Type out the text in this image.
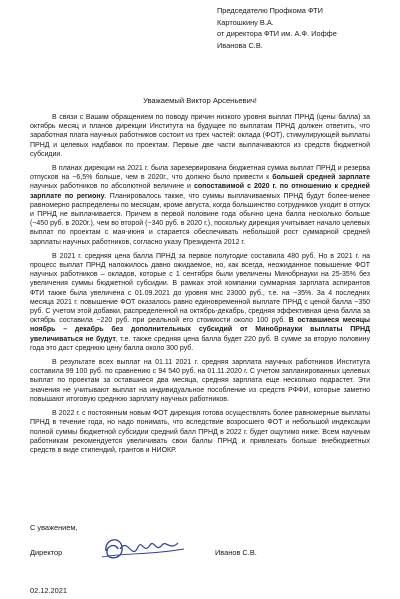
Председателю Профкома ФТИ
Картошкину В.А.
от директора ФТИ им. А.Ф. Иоффе
Иванова С.В.
Уважаемый Виктор Арсеньевич!

В связи с Вашим обращением по поводу причин низкого уровня выплат ПРНД (цены балла) за октябрь месяц и планов дирекции Института на будущее по выплатам ПРНД должен ответить, что заработная плата научных работников состоит из трех частей: оклада (ФОТ), стимулирующей выплаты ПРНД и целевых надбавок по проектам. Первые две части выплачиваются из средств бюджетной субсидии.

В планах дирекции на 2021 г. была зарезервирована бюджетная сумма выплат ПРНД и резерва отпусков на ~6,5% больше, чем в 2020г., что должно было привести к большей средней зарплате научных работников по абсолютной величине и сопоставимой с 2020 г. по отношению к средней зарплате по региону. Планировалось также, что суммы выплачиваемых ПРНД будут более-менее равномерно распределены по месяцам, кроме августа, когда большинство сотрудников уходит в отпуск и ПРНД не выплачивается. Причем в первой половине года обычно цена балла несколько больше (~450 руб. в 2020г.), чем во второй (~340 руб. в 2020 г.), поскольку дирекция учитывает начало целевых выплат по проектам с мая-июня и старается обеспечивать небольшой рост суммарной средней зарплаты научных работников, согласно указу Президента 2012 г.

В 2021 г. средняя цена балла ПРНД за первое полугодие составила 480 руб. Но в 2021 г. на процесс выплат ПРНД наложилось давно ожидаемое, но, как всегда, неожиданное повышение ФОТ научных работников – окладов, которые с 1 сентября были увеличены Минобрнауки на 25-35% без увеличения суммы бюджетной субсидии. В рамках этой компании суммарная зарплата аспирантов ФТИ также была увеличена с 01.09.2021 до уровня мнс 23000 руб., т.е. на ~35%. За 4 последних месяца 2021 г. повышение ФОТ оказалось равно единовременной выплате ПРНД с ценой балла ~350 руб. С учетом этой добавки, распределенной на октябрь-декабрь, средняя эффективная цена балла за октябрь составила ~220 руб. при реальной его стоимости около 100 руб. В оставшиеся месяцы ноябрь – декабрь без дополнительных субсидий от Минобрнауки выплаты ПРНД увеличиваться не будут, т.е. также средняя цена балла будет 220 руб. В сумме за вторую половину года это даст среднюю цену балла около 300 руб.

В результате всех выплат на 01.11 2021 г. средняя зарплата научных работников Института составила 99 100 руб. по сравнению с 94 540 руб. на 01.11.2020 г. С учетом запланированных целевых выплат по проектам за оставшиеся два месяца, средняя зарплата еще несколько подрастет. Эти значения не учитывают выплат на индивидуальное пособление из средств РФФИ, которые заметно повышают итоговую среднюю зарплату научных работников.

В 2022 г. с постоянным новым ФОТ дирекция готова осуществлять более равномерные выплаты ПРНД в течение года, но надо понимать, что вследствие возросшего ФОТ и небольшой индексации полной суммы бюджетной субсидии средний балл ПРНД в 2022 г. будет ощутимо ниже. Всем научным работникам рекомендуется увеличивать свои баллы ПРНД и привлекать больше внебюджетных средств в виде стипендий, грантов и НИОКР.

С уважением,
Директор
02.12.2021
Иванов С.В.
